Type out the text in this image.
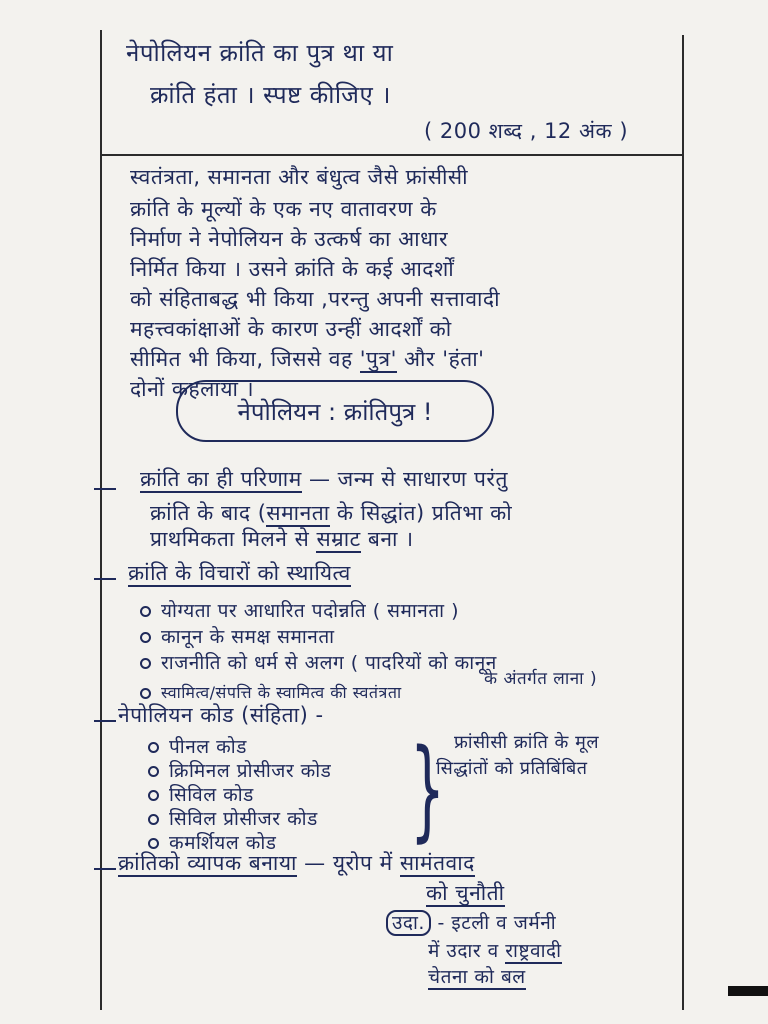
नेपोलियन क्रांति का पुत्र था या
क्रांति हंता । स्पष्ट कीजिए ।
( 200 शब्द , 12 अंक )
स्वतंत्रता, समानता और बंधुत्व जैसे फ्रांसीसी
क्रांति के मूल्यों के एक नए वातावरण के
निर्माण ने नेपोलियन के उत्कर्ष का आधार
निर्मित किया । उसने क्रांति के कई आदर्शों
को संहिताबद्ध भी किया ,परन्तु अपनी सत्तावादी
महत्त्वकांक्षाओं के कारण उन्हीं आदर्शों को
सीमित भी किया, जिससे वह 'पुत्र' और 'हंता'
दोनों कहलाया ।
नेपोलियन : क्रांतिपुत्र !
क्रांति का ही परिणाम — जन्म से साधारण परंतु
क्रांति के बाद (समानता के सिद्धांत) प्रतिभा को
प्राथमिकता मिलने से सम्राट बना ।
क्रांति के विचारों को स्थायित्व
योग्यता पर आधारित पदोन्नति ( समानता )
कानून के समक्ष समानता
राजनीति को धर्म से अलग ( पादरियों को कानून
के अंतर्गत लाना )
स्वामित्व/संपत्ति के स्वामित्व की स्वतंत्रता
नेपोलियन कोड (संहिता) -
पीनल कोड
क्रिमिनल प्रोसीजर कोड
सिविल कोड
सिविल प्रोसीजर कोड
कमर्शियल कोड } फ्रांसीसी क्रांति के मूल
सिद्धांतों को प्रतिबिंबित
क्रांतिको व्यापक बनाया — यूरोप में सामंतवाद
को चुनौती
उदा. - इटली व जर्मनी
में उदार व राष्ट्रवादी
चेतना को बल
